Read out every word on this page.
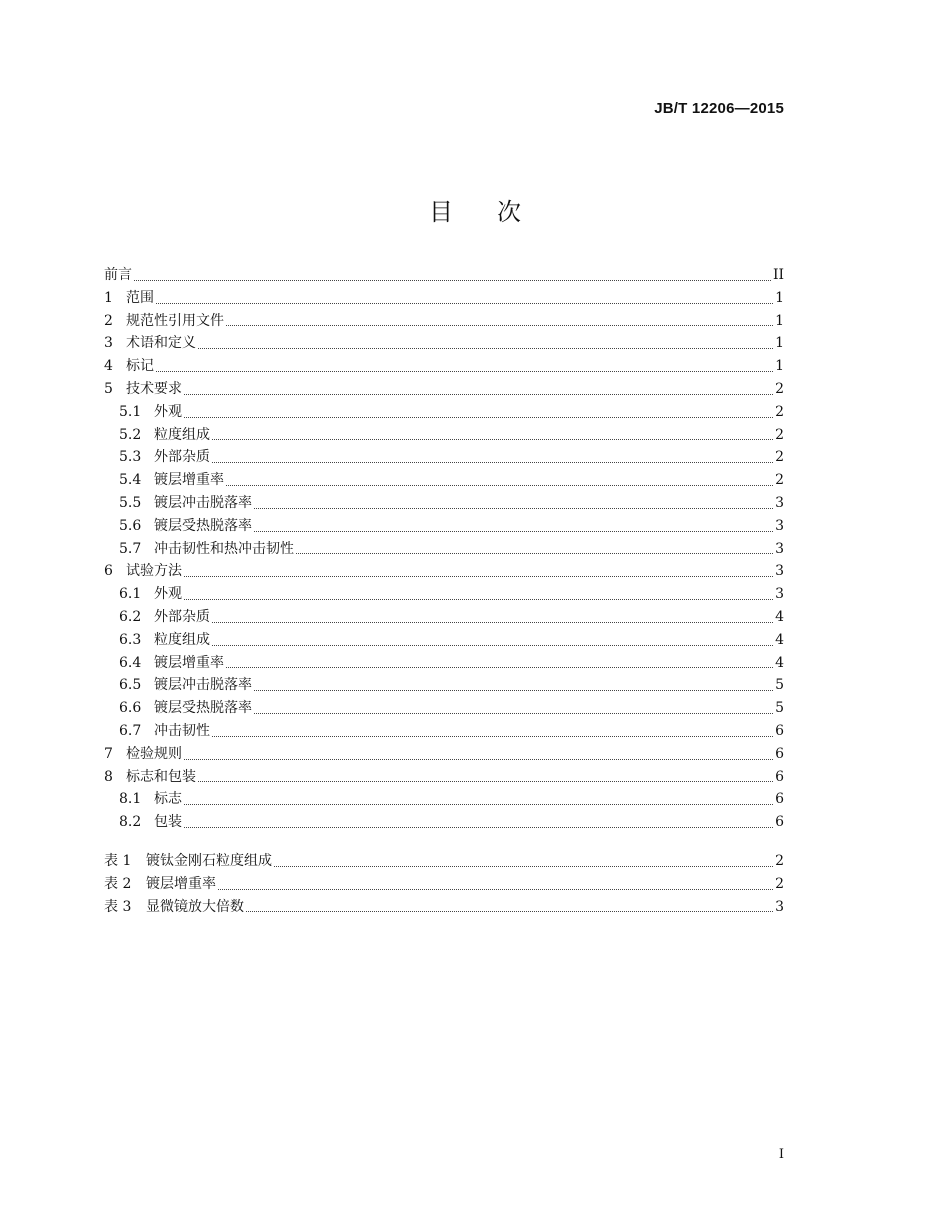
JB/T 12206—2015
目 次
前言	II
1 范围	1
2 规范性引用文件	1
3 术语和定义	1
4 标记	1
5 技术要求	2
5.1 外观	2
5.2 粒度组成	2
5.3 外部杂质	2
5.4 镀层增重率	2
5.5 镀层冲击脱落率	3
5.6 镀层受热脱落率	3
5.7 冲击韧性和热冲击韧性	3
6 试验方法	3
6.1 外观	3
6.2 外部杂质	4
6.3 粒度组成	4
6.4 镀层增重率	4
6.5 镀层冲击脱落率	5
6.6 镀层受热脱落率	5
6.7 冲击韧性	6
7 检验规则	6
8 标志和包装	6
8.1 标志	6
8.2 包装	6
表 1	镀钛金刚石粒度组成	2
表 2	镀层增重率	2
表 3	显微镜放大倍数	3
I
